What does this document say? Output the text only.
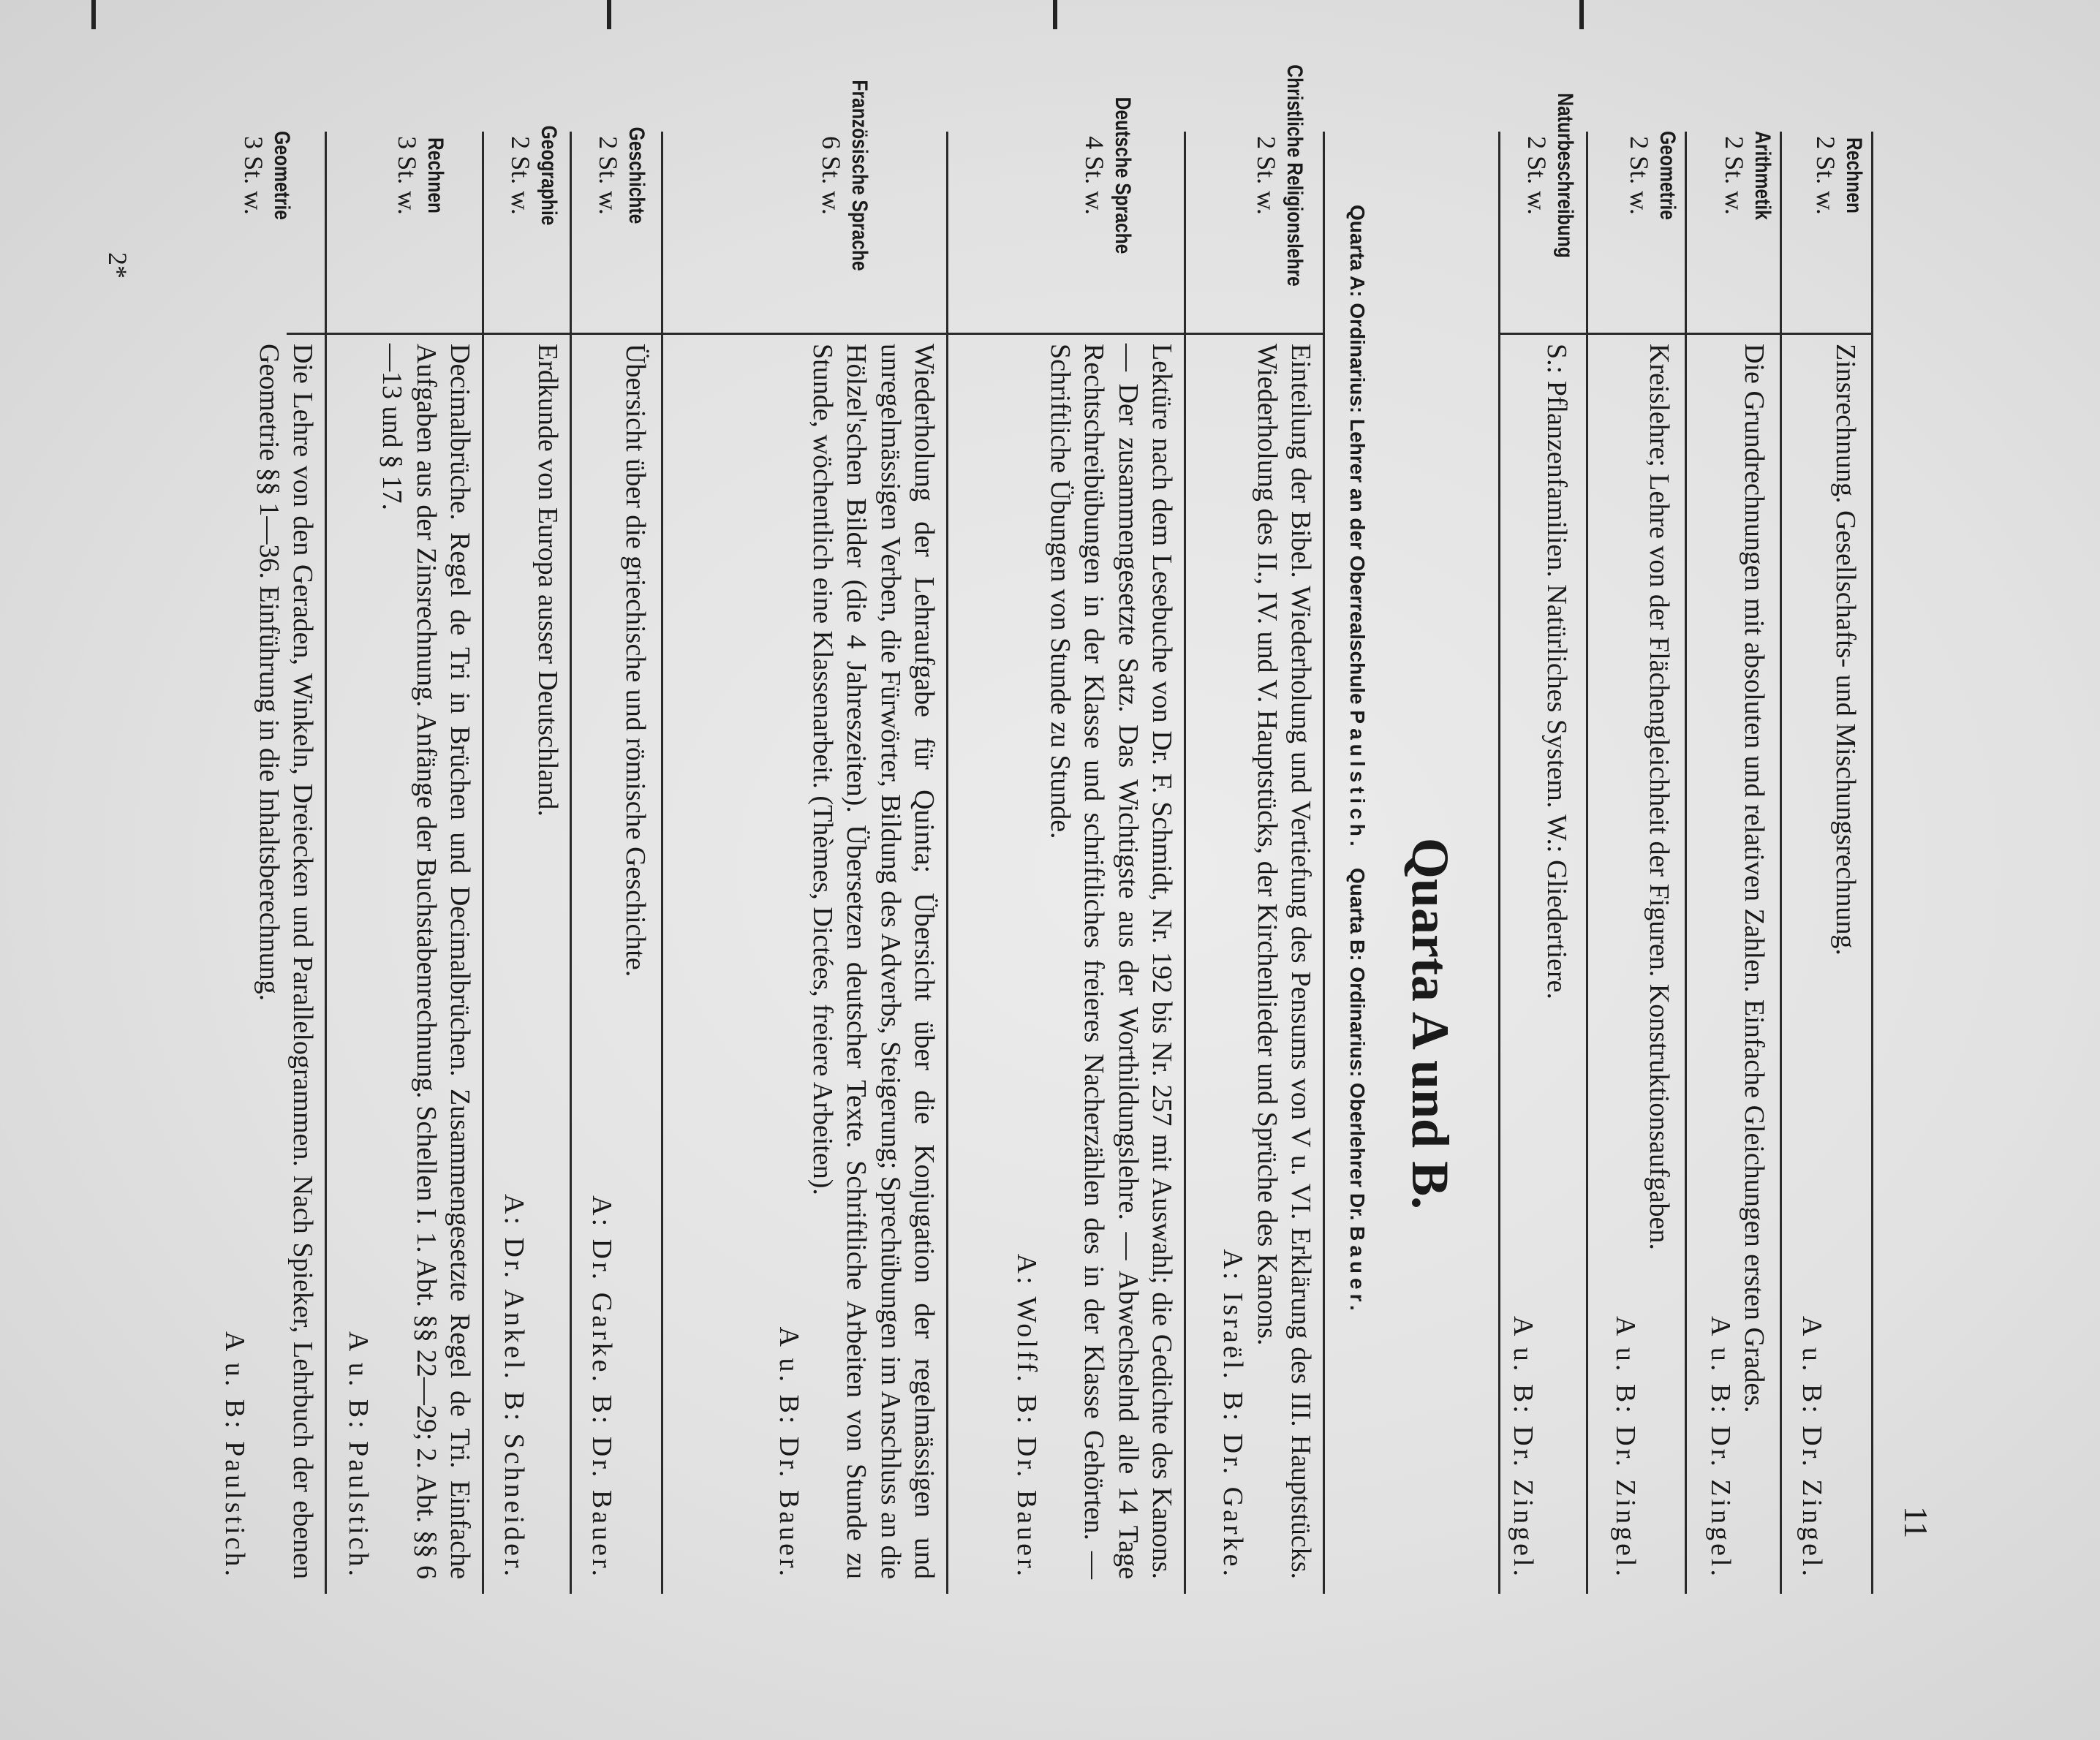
11
Rechnen
2 St. w.
Zinsrechnung. Gesellschafts- und Mischungsrechnung.
A u. B: Dr. Zingel.
Arithmetik
2 St. w.
Die Grundrechnungen mit absoluten und relativen Zahlen. Einfache Gleichungen ersten Grades.
A u. B: Dr. Zingel.
Geometrie
2 St. w.
Kreislehre; Lehre von der Flächengleichheit der Figuren. Konstruktionsaufgaben.
A u. B: Dr. Zingel.
Naturbeschreibung
2 St. w.
S.: Pflanzenfamilien. Natürliches System. W.: Gliedertiere.
A u. B: Dr. Zingel.
Quarta A und B.
Quarta A: Ordinarius: Lehrer an der Oberrealschule Paulstich.   Quarta B: Ordinarius: Oberlehrer Dr. Bauer.
Christliche Religionslehre
2 St. w.
Einteilung der Bibel. Wiederholung und Vertiefung des Pensums von V u. VI. Erklärung des III. Hauptstücks. Wiederholung des II., IV. und V. Hauptstücks, der Kirchenlieder und Sprüche des Kanons.
A: Israël. B: Dr. Garke.
Deutsche Sprache
4 St. w.
Lektüre nach dem Lesebuche von Dr. F. Schmidt, Nr. 192 bis Nr. 257 mit Auswahl; die Gedichte des Kanons. — Der zusammengesetzte Satz. Das Wichtigste aus der Worthildungslehre. — Abwechselnd alle 14 Tage Rechtschreibübungen in der Klasse und schriftliches freieres Nacherzählen des in der Klasse Gehörten. — Schriftliche Übungen von Stunde zu Stunde.
A: Wolff. B: Dr. Bauer.
Französische Sprache
6 St. w.
Wiederholung der Lehraufgabe für Quinta; Übersicht über die Konjugation der regelmässigen und unregelmässigen Verben, die Fürwörter, Bildung des Adverbs, Steigerung; Sprechübungen im Anschluss an die Hölzel'schen Bilder (die 4 Jahreszeiten). Übersetzen deutscher Texte. Schriftliche Arbeiten von Stunde zu Stunde, wöchentlich eine Klassenarbeit. (Thèmes, Dictées, freiere Arbeiten).
A u. B: Dr. Bauer.
Geschichte
2 St. w.
Übersicht über die griechische und römische Geschichte.
A: Dr. Garke. B: Dr. Bauer.
Geographie
2 St. w.
Erdkunde von Europa ausser Deutschland.
A: Dr. Ankel. B: Schneider.
Rechnen
3 St. w.
Decimalbrüche. Regel de Tri in Brüchen und Decimalbrüchen. Zusammengesetzte Regel de Tri. Einfache Aufgaben aus der Zinsrechnung. Anfänge der Buchstabenrechnung. Schellen I. 1. Abt. §§ 22—29; 2. Abt. §§ 6—13 und § 17.
A u. B: Paulstich.
Geometrie
3 St. w.
Die Lehre von den Geraden, Winkeln, Dreiecken und Parallelogrammen. Nach Spieker, Lehrbuch der ebenen Geometrie §§ 1—36. Einführung in die Inhaltsberechnung.
A u. B: Paulstich.
2*
